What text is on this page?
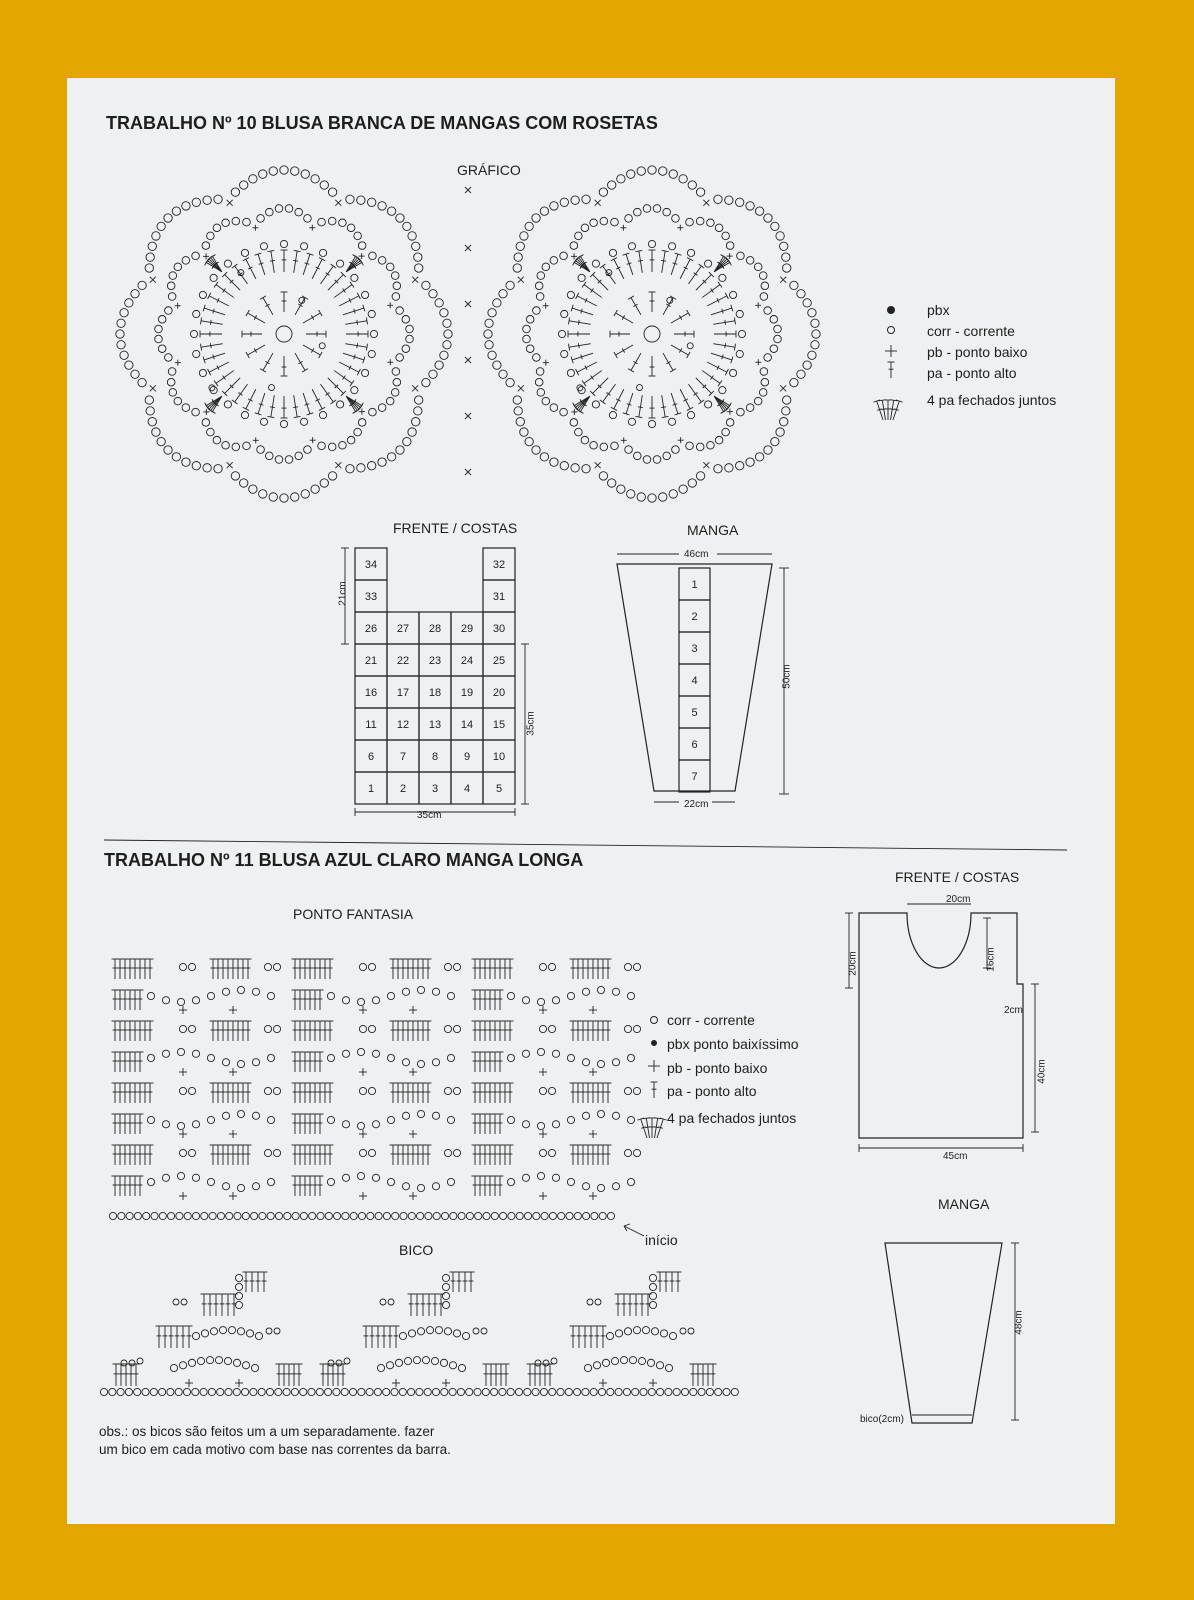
34	32
33	31
26 27 28 29 30
21 22 23 24 25
16 17 18 19 20
11 12 13 14 15
6 7 8 9 10
1 2 3 4 5
1
2
3
4
5
6
7
TRABALHO Nº 10 BLUSA BRANCA DE MANGAS COM ROSETAS
GRÁFICO
pbx
corr - corrente
pb - ponto baixo
pa - ponto alto
4 pa fechados juntos
FRENTE / COSTAS	MANGA
21cm
35cm
35cm
46cm
50cm
22cm
TRABALHO Nº 11 BLUSA AZUL CLARO MANGA LONGA
PONTO FANTASIA
início
BICO
corr - corrente
pbx ponto baixíssimo
pb - ponto baixo
pa - ponto alto
4 pa fechados juntos
FRENTE / COSTAS
20cm
20cm	16cm
2cm
40cm
45cm
MANGA
48cm
bico(2cm)
obs.: os bicos são feitos um a um separadamente. fazer
um bico em cada motivo com base nas correntes da barra.
